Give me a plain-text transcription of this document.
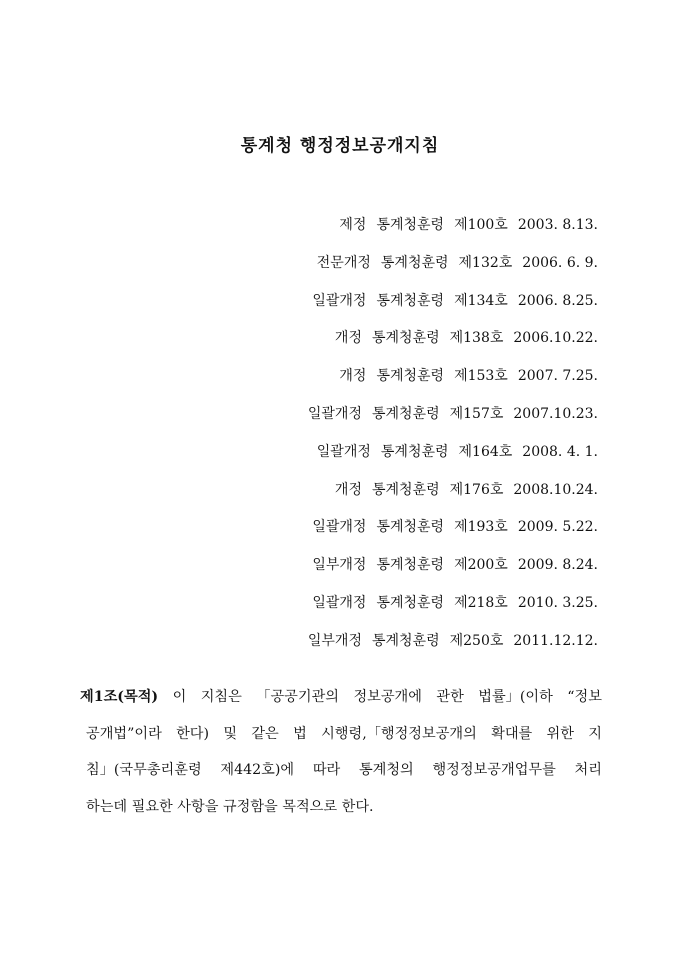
통계청 행정정보공개지침
제정 통계청훈령 제100호 2003. 8.13.
전문개정 통계청훈령 제132호 2006. 6. 9.
일괄개정 통계청훈령 제134호 2006. 8.25.
개정 통계청훈령 제138호 2006.10.22.
개정 통계청훈령 제153호 2007. 7.25.
일괄개정 통계청훈령 제157호 2007.10.23.
일괄개정 통계청훈령 제164호 2008. 4. 1.
개정 통계청훈령 제176호 2008.10.24.
일괄개정 통계청훈령 제193호 2009. 5.22.
일부개정 통계청훈령 제200호 2009. 8.24.
일괄개정 통계청훈령 제218호 2010. 3.25.
일부개정 통계청훈령 제250호 2011.12.12.
제1조(목적) 이 지침은 「공공기관의 정보공개에 관한 법률」(이하 “정보
공개법”이라 한다) 및 같은 법 시행령,「행정정보공개의 확대를 위한 지
침」(국무총리훈령 제442호)에 따라 통계청의 행정정보공개업무를 처리
하는데
필요한
사항을
규정함을
목적으로
한다.
